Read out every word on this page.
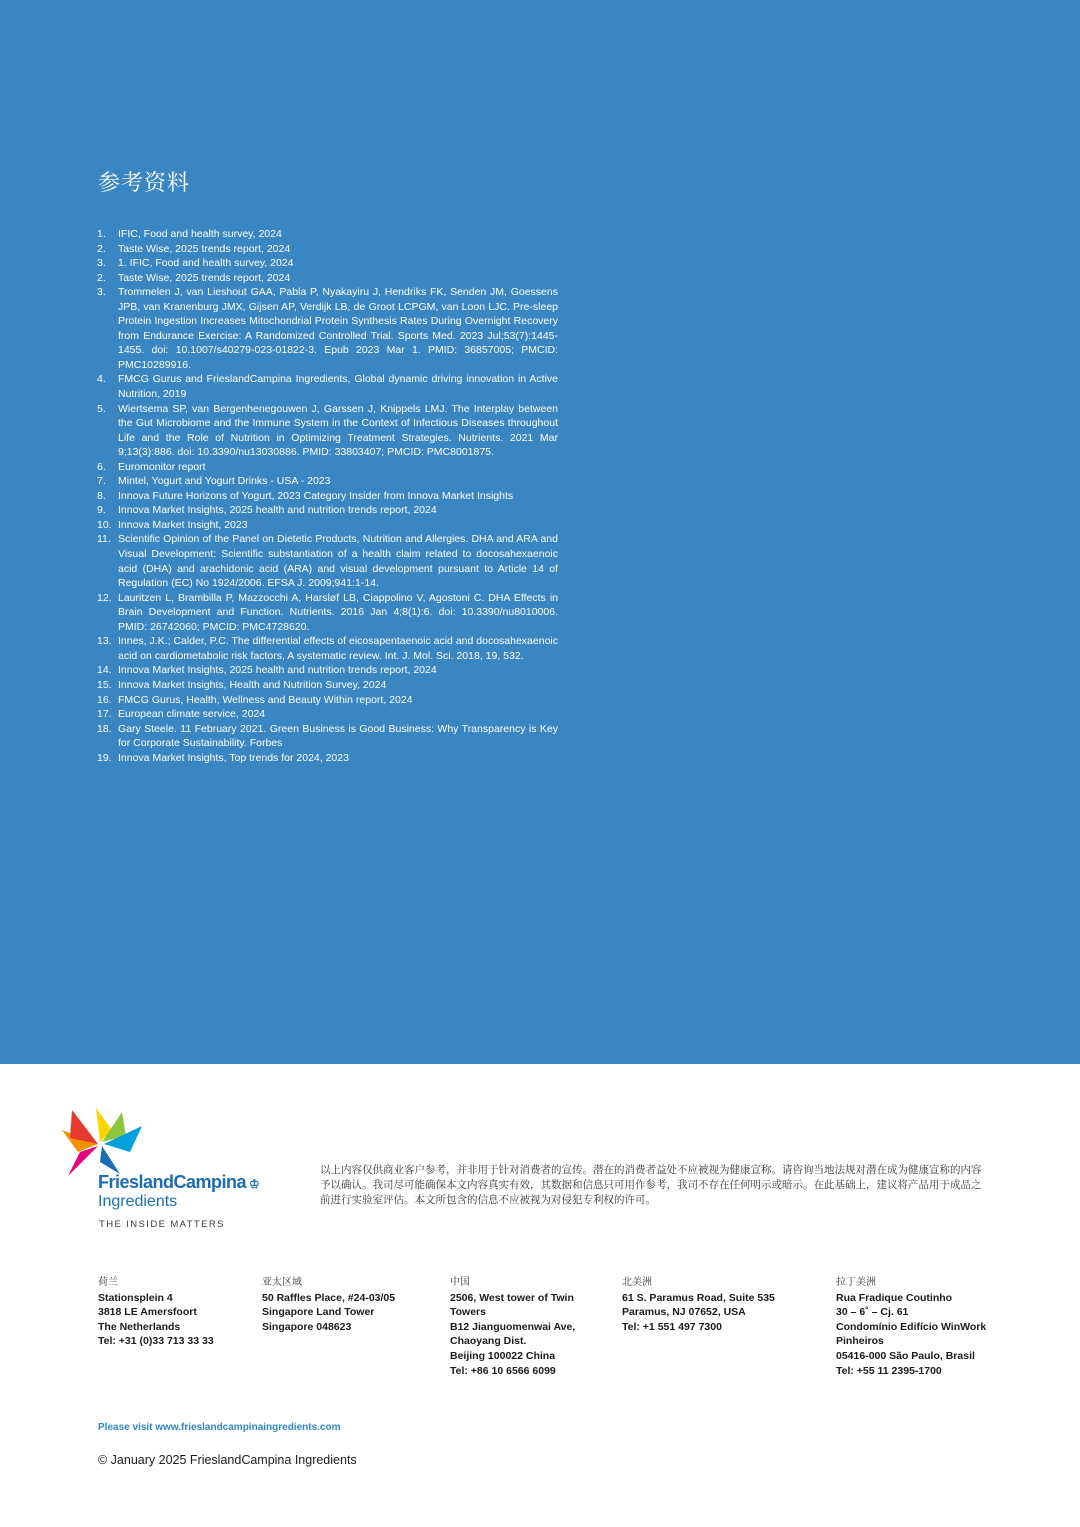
参考资料
1. IFIC, Food and health survey, 2024
2. Taste Wise, 2025 trends report, 2024
3. 1. IFIC, Food and health survey, 2024
2. Taste Wise, 2025 trends report, 2024
3. Trommelen J, van Lieshout GAA, Pabla P, Nyakayiru J, Hendriks FK, Senden JM, Goessens JPB, van Kranenburg JMX, Gijsen AP, Verdijk LB, de Groot LCPGM, van Loon LJC. Pre-sleep Protein Ingestion Increases Mitochondrial Protein Synthesis Rates During Overnight Recovery from Endurance Exercise: A Randomized Controlled Trial. Sports Med. 2023 Jul;53(7):1445-1455. doi: 10.1007/s40279-023-01822-3. Epub 2023 Mar 1. PMID: 36857005; PMCID: PMC10289916.
4. FMCG Gurus and FrieslandCampina Ingredients, Global dynamic driving innovation in Active Nutrition, 2019
5. Wiertsema SP, van Bergenhenegouwen J, Garssen J, Knippels LMJ. The Interplay between the Gut Microbiome and the Immune System in the Context of Infectious Diseases throughout Life and the Role of Nutrition in Optimizing Treatment Strategies. Nutrients. 2021 Mar 9;13(3):886. doi: 10.3390/nu13030886. PMID: 33803407; PMCID: PMC8001875.
6. Euromonitor report
7. Mintel, Yogurt and Yogurt Drinks - USA - 2023
8. Innova Future Horizons of Yogurt, 2023 Category Insider from Innova Market Insights
9. Innova Market Insights, 2025 health and nutrition trends report, 2024
10. Innova Market Insight, 2023
11. Scientific Opinion of the Panel on Dietetic Products, Nutrition and Allergies. DHA and ARA and Visual Development: Scientific substantiation of a health claim related to docosahexaenoic acid (DHA) and arachidonic acid (ARA) and visual development pursuant to Article 14 of Regulation (EC) No 1924/2006. EFSA J. 2009;941:1-14.
12. Lauritzen L, Brambilla P, Mazzocchi A, Harsløf LB, Ciappolino V, Agostoni C. DHA Effects in Brain Development and Function. Nutrients. 2016 Jan 4;8(1):6. doi: 10.3390/nu8010006. PMID: 26742060; PMCID: PMC4728620.
13. Innes, J.K.; Calder, P.C. The differential effects of eicosapentaenoic acid and docosahexaenoic acid on cardiometabolic risk factors, A systematic review. Int. J. Mol. Sci. 2018, 19, 532.
14. Innova Market Insights, 2025 health and nutrition trends report, 2024
15. Innova Market Insights, Health and Nutrition Survey, 2024
16. FMCG Gurus, Health, Wellness and Beauty Within report, 2024
17. European climate service, 2024
18. Gary Steele. 11 February 2021. Green Business is Good Business: Why Transparency is Key for Corporate Sustainability. Forbes
19. Innova Market Insights, Top trends for 2024, 2023
FrieslandCampina ♔
Ingredients
THE INSIDE MATTERS

以上内容仅供商业客户参考，并非用于针对消费者的宣传。潜在的消费者益处不应被视为健康宣称。请咨询当地法规对潜在成为健康宣称的内容予以确认。我司尽可能确保本文内容真实有效，其数据和信息只可用作参考，我司不存在任何明示或暗示。在此基础上，建议将产品用于成品之前进行实验室评估。本文所包含的信息不应被视为对侵犯专利权的许可。

荷兰
Stationsplein 4
3818 LE Amersfoort
The Netherlands
Tel: +31 (0)33 713 33 33
亚太区域
50 Raffles Place, #24-03/05
Singapore Land Tower
Singapore 048623
中国
2506, West tower of Twin
Towers
B12 Jianguomenwai Ave,
Chaoyang Dist.
Beijing 100022 China
Tel: +86 10 6566 6099
北美洲
61 S. Paramus Road, Suite 535
Paramus, NJ 07652, USA
Tel: +1 551 497 7300
拉丁美洲
Rua Fradique Coutinho
30 – 6˚ – Cj. 61
Condomínio Edifício WinWork
Pinheiros
05416-000 São Paulo, Brasil
Tel: +55 11 2395-1700
Please visit www.frieslandcampinaingredients.com
© January 2025 FrieslandCampina Ingredients
